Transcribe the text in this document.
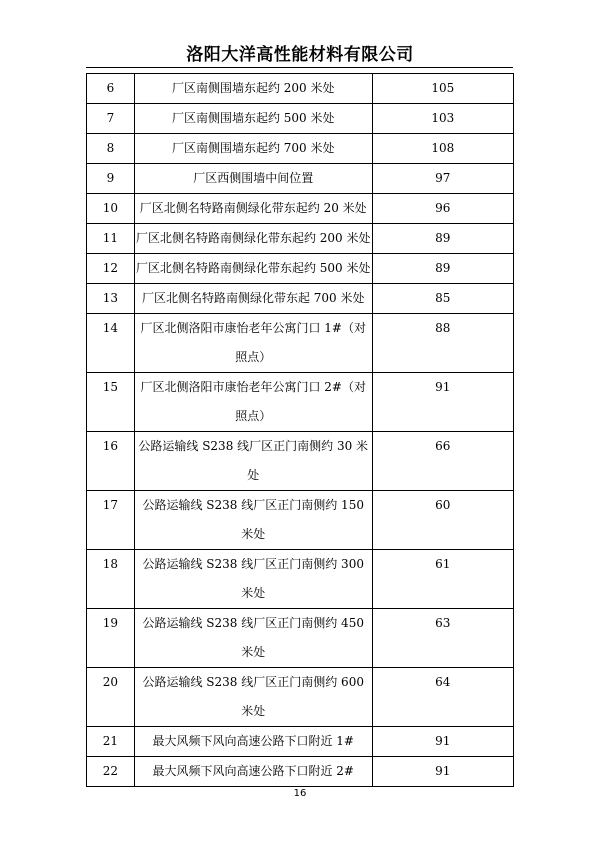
洛阳大洋高性能材料有限公司
6	厂区南侧围墙东起约 200 米处	105
7	厂区南侧围墙东起约 500 米处	103
8	厂区南侧围墙东起约 700 米处	108
9	厂区西侧围墙中间位置	97
10	厂区北侧名特路南侧绿化带东起约 20 米处	96
11	厂区北侧名特路南侧绿化带东起约 200 米处	89
12	厂区北侧名特路南侧绿化带东起约 500 米处	89
13	厂区北侧名特路南侧绿化带东起 700 米处	85
14	厂区北侧洛阳市康怡老年公寓门口 1#（对照点）	88
15	厂区北侧洛阳市康怡老年公寓门口 2#（对照点）	91
16	公路运输线 S238 线厂区正门南侧约 30 米处	66
17	公路运输线 S238 线厂区正门南侧约 150 米处	60
18	公路运输线 S238 线厂区正门南侧约 300 米处	61
19	公路运输线 S238 线厂区正门南侧约 450 米处	63
20	公路运输线 S238 线厂区正门南侧约 600 米处	64
21	最大风频下风向高速公路下口附近 1#	91
22	最大风频下风向高速公路下口附近 2#	91
16
